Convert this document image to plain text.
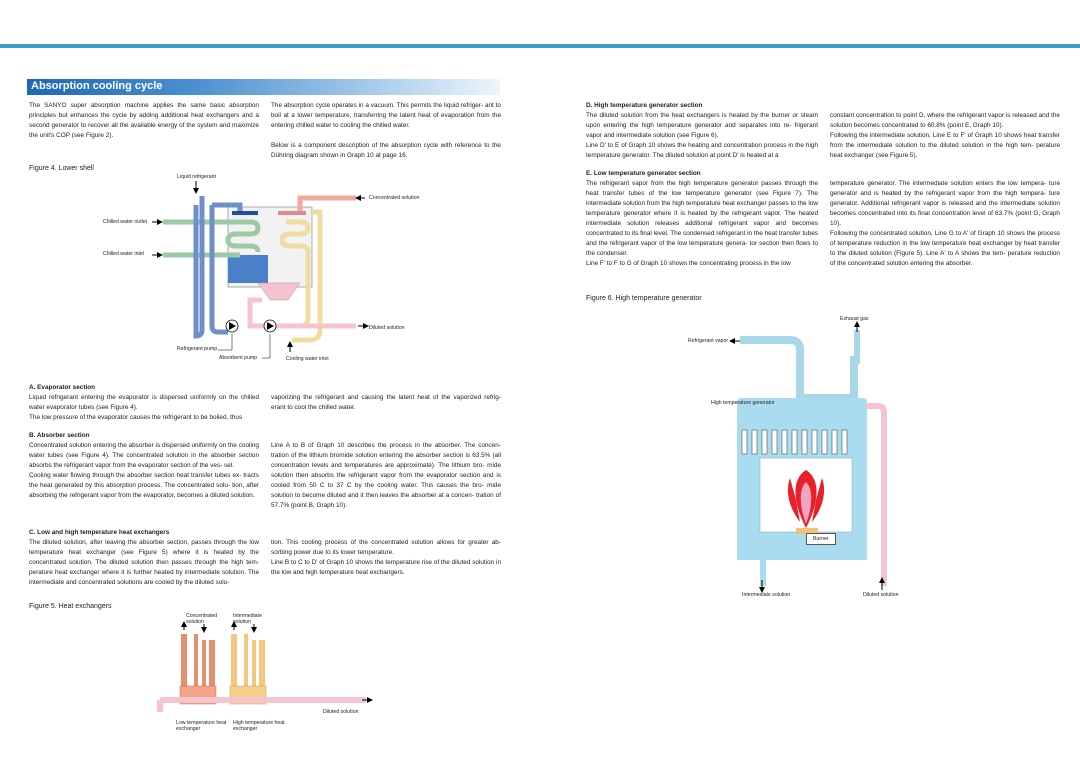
Absorption cooling cycle

The SANYO super absorption machine applies the same basic absorption principles but enhances the cycle by adding additional heat exchangers and a second generator to recover all the available energy of the system and maximize the unit's COP (see Figure 2).

The absorption cycle operates in a vacuum. This permits the liquid refriger- ant to boil at a lower temperature, transferring the latent heat of evaporation from the entering chilled water to cooling the chilled water.

Below is a component description of the absorption cycle with reference to the Dühring diagram shown in Graph 10 at page 16.

Figure 4. Lower shell
Liquid refrigerant
Concentrated solution
Chilled water outlet
Chilled water inlet
Diluted solution
Refrigerant pump
Absorbent pump	Cooling water inlet
A. Evaporator section

Liquid refrigerant entering the evaporator is dispersed uniformly on the chilled water evaporator tubes (see Figure 4).

The low pressure of the evaporator causes the refrigerant to be boiled, thus

vaporizing the refrigerant and causing the latent heat of the vaporized refrig- erant to cool the chilled water.

B. Absorber section

Concentrated solution entering the absorber is dispersed uniformly on the cooling water tubes (see Figure 4). The concentrated solution in the absorber section absorbs the refrigerant vapor from the evaporator section of the ves- sel.

Cooling water flowing through the absorber section heat transfer tubes ex- tracts the heat generated by this absorption process. The concentrated solu- tion, after absorbing the refrigerant vapor from the evaporator, becomes a diluted solution.

Line A to B of Graph 10 describes the process in the absorber. The concen- tration of the lithium bromide solution entering the absorber section is 63.5% (all concentration levels and temperatures are approximate). The lithium bro- mide solution then absorbs the refrigerant vapor from the evaporator section and is cooled from 50 C to 37 C by the cooling water. This causes the bro- mide solution to become diluted and it then leaves the absorber at a concen- tration of 57.7% (point B, Graph 10).

C. Low and high temperature heat exchangers

The diluted solution, after leaving the absorber section, passes through the low temperature heat exchanger (see Figure 5) where it is heated by the concentrated solution. The diluted solution then passes through the high tem- perature heat exchanger where it is further heated by intermediate solution. The intermediate and concentrated solutions are cooled by the diluted solu-

tion. This cooling process of the concentrated solution allows for greater ab- sorbing power due to its lower temperature.

Line B to C to D' of Graph 10 shows the temperature rise of the diluted solution in the low and high temperature heat exchangers.

Figure 5. Heat exchangers
Concentrated solution
Intermediate solution
Diluted solution
Low temperature heat exchanger
High temperature heat exchanger
D. High temperature generator section

The diluted solution from the heat exchangers is heated by the burner or steam upon entering the high temperature generator and separates into re- frigerant vapor and intermediate solution (see Figure 6).

Line D' to E of Graph 10 shows the heating and concentration process in the high temperature generator. The diluted solution at point D' is heated at a

constant concentration to point D, where the refrigerant vapor is released and the solution becomes concentrated to 60.8% (point E, Graph 10).

Following the intermediate solution, Line E to F' of Graph 10 shows heat transfer from the intermediate solution to the diluted solution in the high tem- perature heat exchanger (see Figure 5).

E. Low temperature generator section

The refrigerant vapor from the high temperature generator passes through the heat transfer tubes of the low temperature generator (see Figure 7). The intermediate solution from the high temperature heat exchanger passes to the low temperature generator where it is heated by the refrigerant vapor. The heated intermediate solution releases additional refrigerant vapor and becomes concentrated to its final level. The condensed refrigerant in the heat transfer tubes and the refrigerant vapor of the low temperature genera- tor section then flows to the condenser.

Line F' to F to G of Graph 10 shows the concentrating process in the low

temperature generator. The intermediate solution enters the low tempera- ture generator and is heated by the refrigerant vapor from the high tempera- ture generator. Additional refrigerant vapor is released and the intermediate solution becomes concentrated into its final concentration level of 63.7% (point G, Graph 10).

Following the concentrated solution, Line G to A' of Graph 10 shows the process of temperature reduction in the low temperature heat exchanger by heat transfer to the diluted solution (Figure 5). Line A' to A shows the tem- perature reduction of the concentrated solution entering the absorber.

Figure 6. High temperature generator
Exhaust gas
Refrigerant vapor
High temperature generator
Burner
Intermediate solution	Diluted solution
